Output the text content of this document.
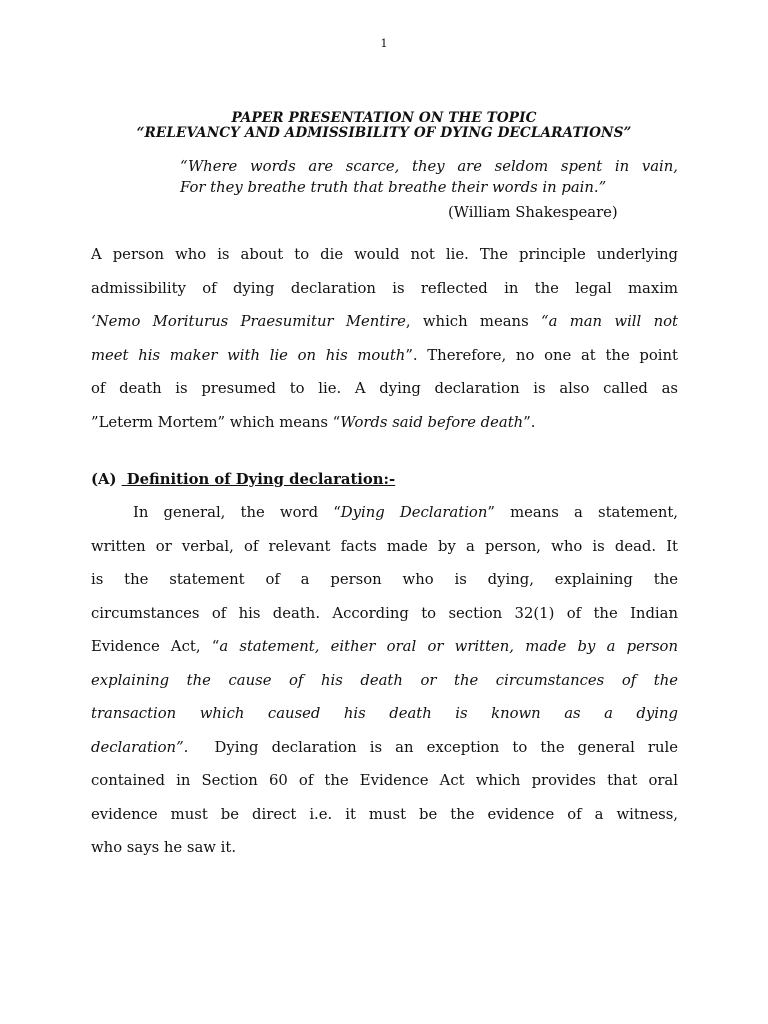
1
PAPER PRESENTATION ON THE TOPIC
“RELEVANCY AND ADMISSIBILITY OF DYING DECLARATIONS”
“Where words are scarce, they are seldom spent in vain,
For they breathe truth that breathe their words in pain.”
(William Shakespeare)
A person who is about to die would not lie. The principle underlying
admissibility of dying declaration is reflected in the legal maxim
‘Nemo Moriturus Praesumitur Mentire, which means “a man will not
meet his maker with lie on his mouth”. Therefore, no one at the point
of death is presumed to lie. A dying declaration is also called as
”Leterm Mortem” which means “Words said before death”.
(A)  Definition of Dying declaration:-
In general, the word “Dying Declaration” means a statement,
written or verbal, of relevant facts made by a person, who is dead. It
is the statement of a person who is dying, explaining the
circumstances of his death. According to section 32(1) of the Indian
Evidence Act, “a statement, either oral or written, made by a person
explaining the cause of his death or the circumstances of the
transaction which caused his death is known as a dying
declaration”.  Dying declaration is an exception to the general rule
contained in Section 60 of the Evidence Act which provides that oral
evidence must be direct i.e. it must be the evidence of a witness,
who says he saw it.
